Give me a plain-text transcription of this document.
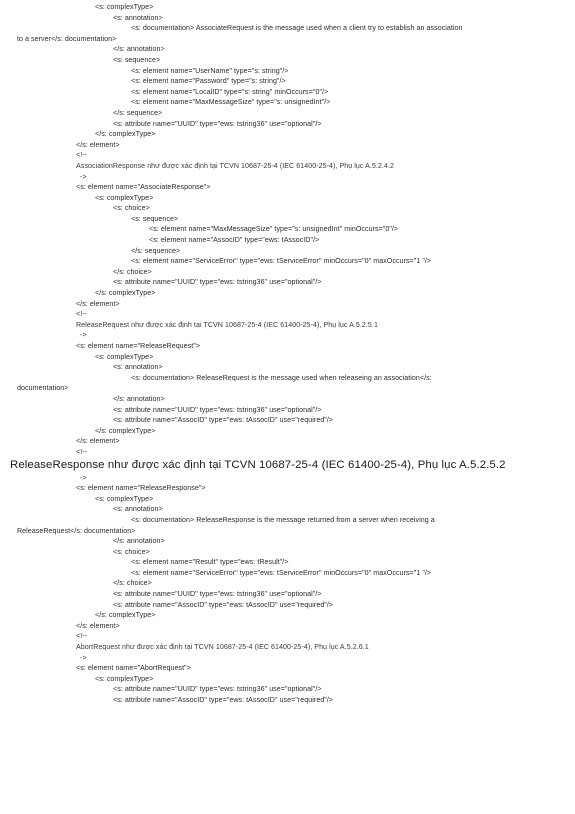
<s: complexType>
<s: annotation>
<s: documentation> AssociateRequest is the message used when a client try to establish an association
to a server</s: documentation>
</s: annotation>
<s: sequence>
<s: element name="UserName" type="s: string"/>
<s: element name="Password" type="s: string"/>
<s: element name="LocalID" type="s: string" minOccurs="0"/>
<s: element name="MaxMessageSize" type="s: unsignedInt"/>
</s: sequence>
<s: attribute name="UUID" type="ews: tstring36" use="optional"/>
</s: complexType>
</s: element>
<!--
AssociationResponse như được xác định tại TCVN 10687-25-4 (IEC 61400-25-4), Phụ lục A.5.2.4.2
->
<s: element name="AssociateResponse">
<s: complexType>
<s: choice>
<s: sequence>
<s: element name="MaxMessageSize" type="s: unsignedInt" minOccurs="0"/>
<s: element name="AssocID" type="ews: tAssocID"/>
</s: sequence>
<s: element name="ServiceError" type="ews: tServiceError" minOccurs="0" maxOccurs="1 "/>
</s: choice>
<s: attribute name="UUID" type="ews: tstring36" use="optional"/>
</s: complexType>
</s: element>
<!--
ReleaseRequest như được xác định tại TCVN 10687-25-4 (IEC 61400-25-4), Phụ lục A.5.2.5.1
->
<s: element name="ReleaseRequest">
<s: complexType>
<s: annotation>
<s: documentation> ReleaseRequest is the message used when releaseing an association</s:
documentation>
</s: annotation>
<s: attribute name="UUID" type="ews: tstring36" use="optional"/>
<s: attribute name="AssocID" type="ews: tAssocID" use="required"/>
</s: complexType>
</s: element>
<!--
ReleaseResponse như được xác định tại TCVN 10687-25-4 (IEC 61400-25-4), Phụ lục A.5.2.5.2
->
<s: element name="ReleaseResponse">
<s: complexType>
<s: annotation>
<s: documentation> ReleaseResponse is the message returned from a server when receiving a
ReleaseRequest</s: documentation>
</s: annotation>
<s: choice>
<s: element name="Result" type="ews: tResult"/>
<s: element name="ServiceError" type="ews: tServiceError" minOccurs="0" maxOccurs="1 "/>
</s: choice>
<s: attribute name="UUID" type="ews: tstring36" use="optional"/>
<s: attribute name="AssocID" type="ews: tAssocID" use="required"/>
</s: complexType>
</s: element>
<!--
AbortRequest như được xác định tại TCVN 10687-25-4 (IEC 61400-25-4), Phụ lục A.5.2.6.1
->
<s: element name="AbortRequest">
<s: complexType>
<s: attribute name="UUID" type="ews: tstring36" use="optional"/>
<s: attribute name="AssocID" type="ews: tAssocID" use="required"/>
